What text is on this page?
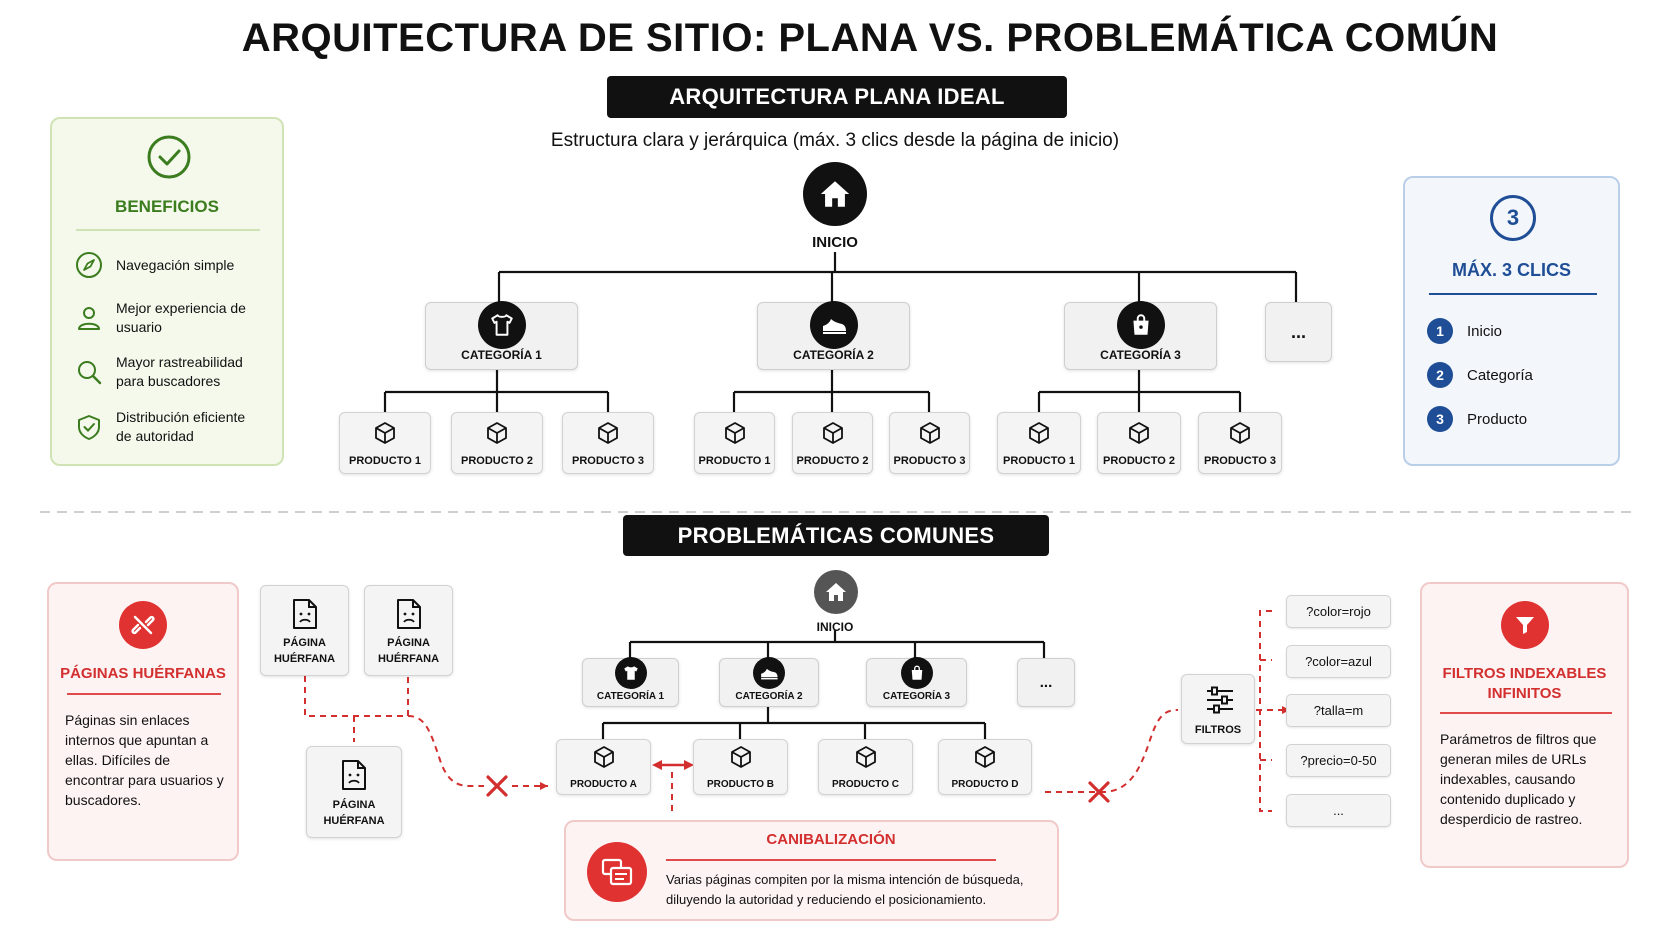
ARQUITECTURA DE SITIO: PLANA VS. PROBLEMÁTICA COMÚN
ARQUITECTURA PLANA IDEAL
Estructura clara y jerárquica (máx. 3 clics desde la página de inicio)
INICIO
CATEGORÍA 1	CATEGORÍA 2	CATEGORÍA 3
...
PRODUCTO 1	PRODUCTO 2	PRODUCTO 3	PRODUCTO 1	PRODUCTO 2	PRODUCTO 3	PRODUCTO 1	PRODUCTO 2	PRODUCTO 3
BENEFICIOS
Navegación simple
Mejor experiencia de usuario
Mayor rastreabilidad para buscadores
Distribución eficiente de autoridad
3
MÁX. 3 CLICS
1	Inicio
2	Categoría
3	Producto
PROBLEMÁTICAS COMUNES
INICIO
CATEGORÍA 1	CATEGORÍA 2	CATEGORÍA 3
...
PRODUCTO A	PRODUCTO B	PRODUCTO C	PRODUCTO D
PÁGINA HUÉRFANA
PÁGINA HUÉRFANA
PÁGINA HUÉRFANA
PÁGINAS HUÉRFANAS
Páginas sin enlaces internos que apuntan a ellas. Difíciles de encontrar para usuarios y buscadores.
FILTROS
?color=rojo
?color=azul
?talla=m
?precio=0-50
...
FILTROS INDEXABLES
INFINITOS
Parámetros de filtros que generan miles de URLs indexables, causando contenido duplicado y desperdicio de rastreo.
CANIBALIZACIÓN
Varias páginas compiten por la misma intención de búsqueda, diluyendo la autoridad y reduciendo el posicionamiento.
